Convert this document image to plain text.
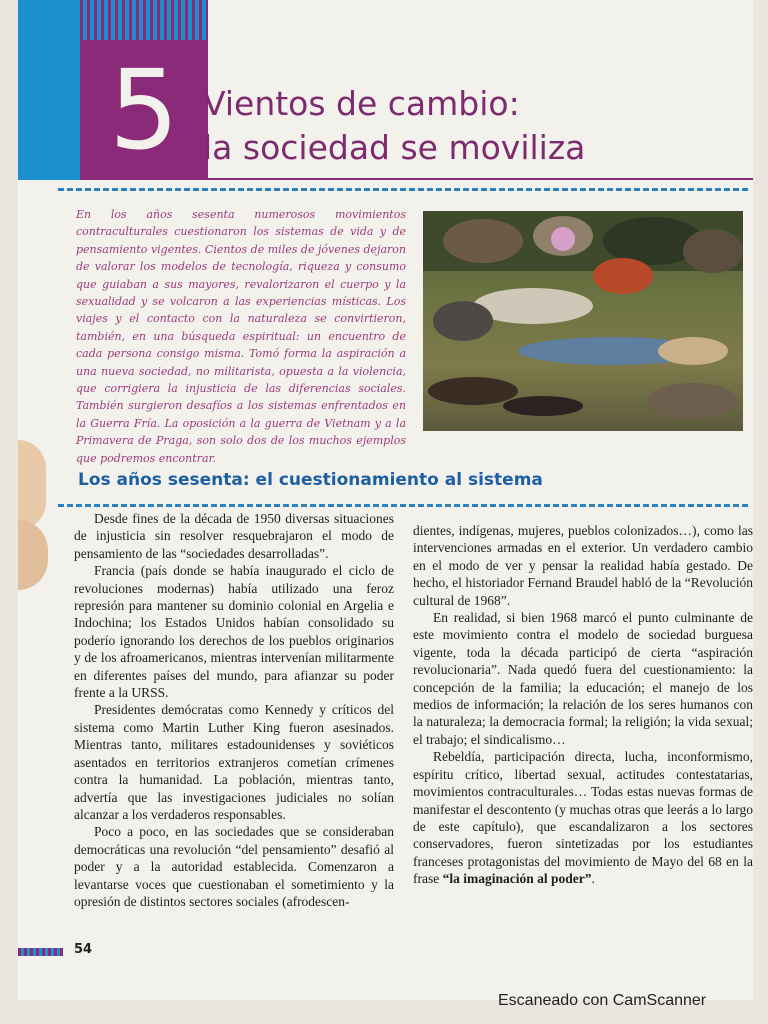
5 Vientos de cambio:
la sociedad se moviliza
En los años sesenta numerosos movimientos contraculturales cuestionaron los sistemas de vida y de pensamiento vigentes. Cientos de miles de jóvenes dejaron de valorar los modelos de tecnología, riqueza y consumo que guiaban a sus mayores, revalorizaron el cuerpo y la sexualidad y se volcaron a las experiencias místicas. Los viajes y el contacto con la naturaleza se convirtieron, también, en una búsqueda espiritual: un encuentro de cada persona consigo misma. Tomó forma la aspiración a una nueva sociedad, no militarista, opuesta a la violencia, que corrigiera la injusticia de las diferencias sociales. También surgieron desafíos a los sistemas enfrentados en la Guerra Fría. La oposición a la guerra de Vietnam y a la Primavera de Praga, son solo dos de los muchos ejemplos que podremos encontrar.
Los años sesenta: el cuestionamiento al sistema

Desde fines de la década de 1950 diversas situaciones de injusticia sin resolver resquebrajaron el modo de pensamiento de las “sociedades desarrolladas”.

Francia (país donde se había inaugurado el ciclo de revoluciones modernas) había utilizado una feroz represión para mantener su dominio colonial en Argelia e Indochina; los Estados Unidos habían consolidado su poderío ignorando los derechos de los pueblos originarios y de los afroamericanos, mientras intervenían militarmente en diferentes países del mundo, para afianzar su poder frente a la URSS.

Presidentes demócratas como Kennedy y críticos del sistema como Martin Luther King fueron asesinados. Mientras tanto, militares estadounidenses y soviéticos asentados en territorios extranjeros cometían crímenes contra la humanidad. La población, mientras tanto, advertía que las investigaciones judiciales no solían alcanzar a los verdaderos responsables.

Poco a poco, en las sociedades que se consideraban democráticas una revolución “del pensamiento” desafió al poder y a la autoridad establecida. Comenzaron a levantarse voces que cuestionaban el sometimiento y la opresión de distintos sectores sociales (afrodescen-

dientes, indígenas, mujeres, pueblos colonizados…), como las intervenciones armadas en el exterior. Un verdadero cambio en el modo de ver y pensar la realidad había gestado. De hecho, el historiador Fernand Braudel habló de la “Revolución cultural de 1968”.

En realidad, si bien 1968 marcó el punto culminante de este movimiento contra el modelo de sociedad burguesa vigente, toda la década participó de cierta “aspiración revolucionaria”. Nada quedó fuera del cuestionamiento: la concepción de la familia; la educación; el manejo de los medios de información; la relación de los seres humanos con la naturaleza; la democracia formal; la religión; la vida sexual; el trabajo; el sindicalismo…

Rebeldía, participación directa, lucha, inconformismo, espíritu crítico, libertad sexual, actitudes contestatarias, movimientos contraculturales… Todas estas nuevas formas de manifestar el descontento (y muchas otras que leerás a lo largo de este capítulo), que escandalizaron a los sectores conservadores, fueron sintetizadas por los estudiantes franceses protagonistas del movimiento de Mayo del 68 en la frase “la imaginación al poder”.

54
Escaneado con CamScanner
